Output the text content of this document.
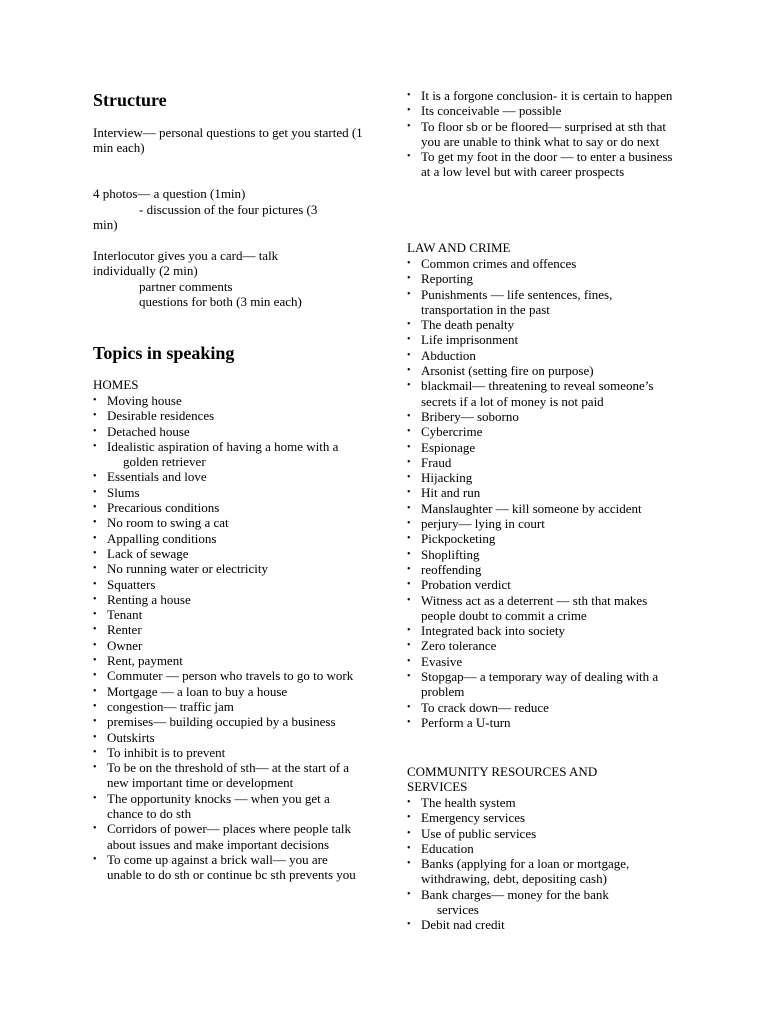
Structure
Interview— personal questions to get you started (1 min each)
4 photos— a question (1min)
- discussion of the four pictures (3
min)
Interlocutor gives you a card— talk individually (2 min)
partner comments
questions for both (3 min each)
Topics in speaking
HOMES
• Moving house
• Desirable residences
• Detached house
• Idealistic aspiration of having a home with a
golden retriever
• Essentials and love
• Slums
• Precarious conditions
• No room to swing a cat
• Appalling conditions
• Lack of sewage
• No running water or electricity
• Squatters
• Renting a house
• Tenant
• Renter
• Owner
• Rent, payment
• Commuter — person who travels to go to work
• Mortgage — a loan to buy a house
• congestion— traffic jam
• premises— building occupied by a business
• Outskirts
• To inhibit is to prevent
• To be on the threshold of sth— at the start of a new important time or development
• The opportunity knocks — when you get a chance to do sth
• Corridors of power— places where people talk about issues and make important decisions
• To come up against a brick wall— you are unable to do sth or continue bc sth prevents you
• It is a forgone conclusion- it is certain to happen
• Its conceivable — possible
• To floor sb or be floored— surprised at sth that you are unable to think what to say or do next
• To get my foot in the door — to enter a business at a low level but with career prospects
LAW AND CRIME
• Common crimes and offences
• Reporting
• Punishments — life sentences, fines, transportation in the past
• The death penalty
• Life imprisonment
• Abduction
• Arsonist (setting fire on purpose)
• blackmail— threatening to reveal someone’s secrets if a lot of money is not paid
• Bribery— soborno
• Cybercrime
• Espionage
• Fraud
• Hijacking
• Hit and run
• Manslaughter — kill someone by accident
• perjury— lying in court
• Pickpocketing
• Shoplifting
• reoffending
• Probation verdict
• Witness act as a deterrent — sth that makes people doubt to commit a crime
• Integrated back into society
• Zero tolerance
• Evasive
• Stopgap— a temporary way of dealing with a problem
• To crack down— reduce
• Perform a U-turn
COMMUNITY RESOURCES AND
SERVICES
• The health system
• Emergency services
• Use of public services
• Education
• Banks (applying for a loan or mortgage, withdrawing, debt, depositing cash)
• Bank charges— money for the bank
services
• Debit nad credit
